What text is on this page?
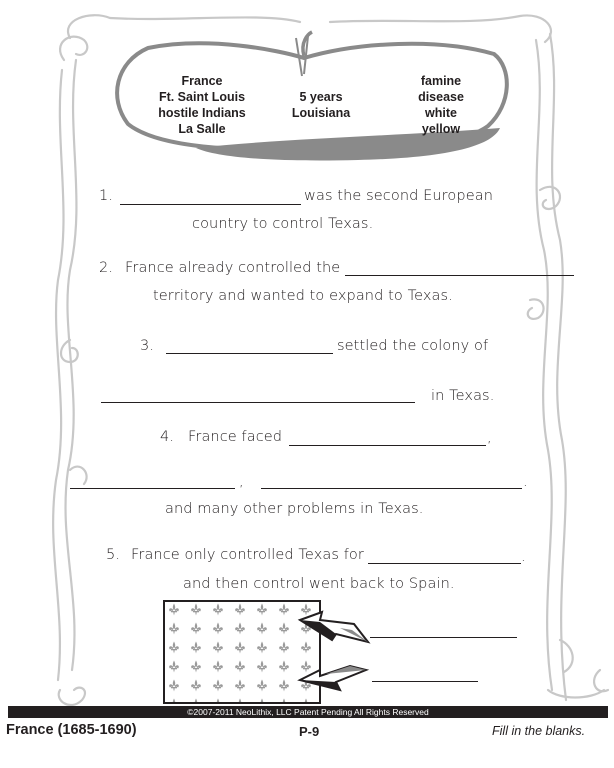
France
Ft. Saint Louis
hostile Indians
La Salle
5 years
Louisiana
famine
disease
white
yellow
1.	was the second European
country to control Texas.
2. France already controlled the
territory and wanted to expand to Texas.
3.	settled the colony of
in Texas.
4. France faced	,
,	.
and many other problems in Texas.
5. France only controlled Texas for	.
and then control went back to Spain.
©2007-2011 NeoLithix, LLC Patent Pending All Rights Reserved
France (1685-1690)	P-9	Fill in the blanks.
